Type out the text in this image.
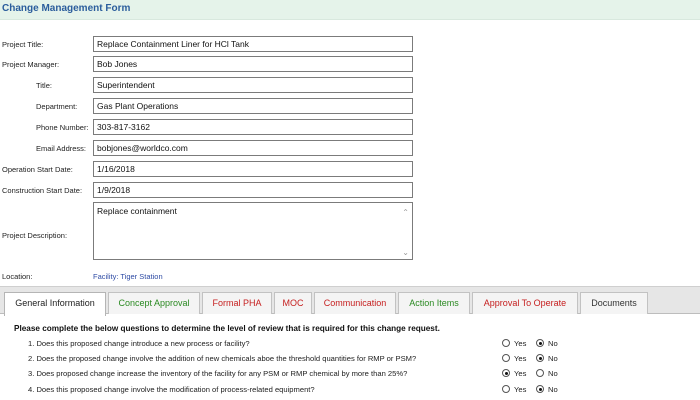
Change Management Form
Project Title:	Replace Containment Liner for HCl Tank
Project Manager:	Bob Jones
Title:	Superintendent
Department:	Gas Plant Operations
Phone Number: 303-817-3162
Email Address:	bobjones@worldco.com
Operation Start Date:	1/16/2018
Construction Start Date:	1/9/2018
Project Description:
Replace containment	⌃
⌄
Location:	Facility: Tiger Station
General Information	Concept Approval	Formal PHA	MOC	Communication	Action Items	Approval To Operate	Documents
Please complete the below questions to determine the level of review that is required for this change request.
1. Does this proposed change introduce a new process or facility?	Yes	No
2. Does the proposed change involve the addition of new chemicals aboe the threshold quantities for RMP or PSM?	Yes	No
3. Does proposed change increase the inventory of the facility for any PSM or RMP chemical by more than 25%?	Yes	No
4. Does this proposed change involve the modification of process-related equipment?	Yes	No
